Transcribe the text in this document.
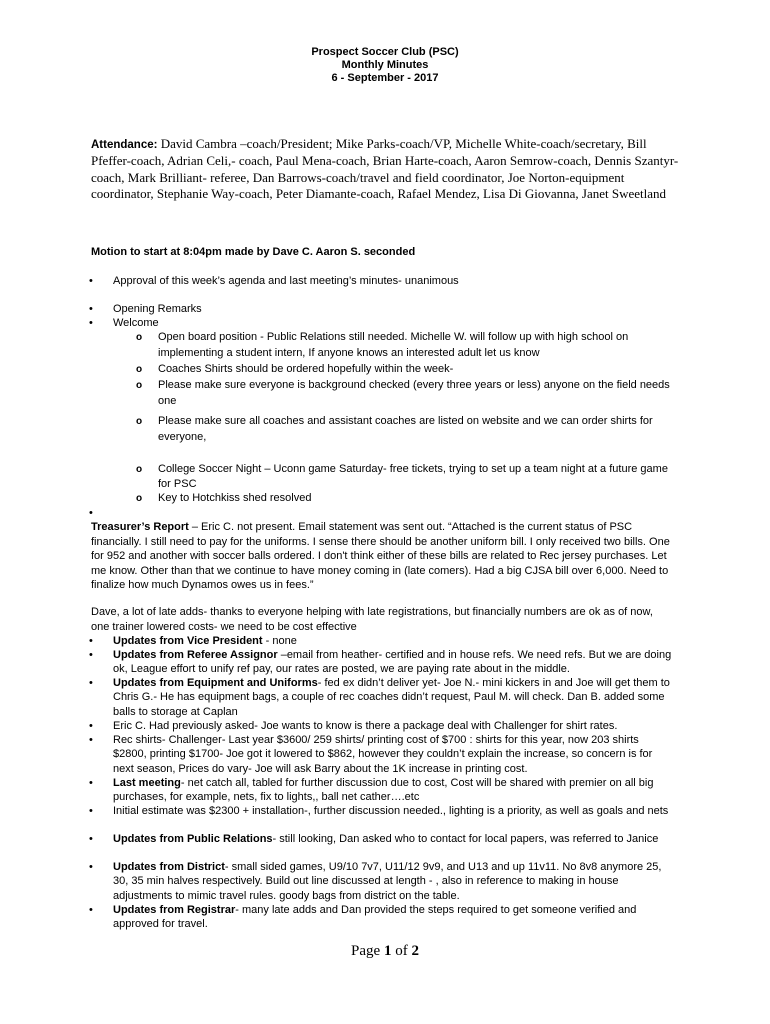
Prospect Soccer Club (PSC)
Monthly Minutes
6 - September - 2017
Attendance: David Cambra –coach/President; Mike Parks-coach/VP, Michelle White-coach/secretary, Bill Pfeffer-coach, Adrian Celi,- coach, Paul Mena-coach, Brian Harte-coach, Aaron Semrow-coach, Dennis Szantyr- coach, Mark Brilliant- referee, Dan Barrows-coach/travel and field coordinator, Joe Norton-equipment coordinator, Stephanie Way-coach, Peter Diamante-coach, Rafael Mendez, Lisa Di Giovanna, Janet Sweetland
Motion to start at 8:04pm made by Dave C. Aaron S. seconded
• Approval of this week’s agenda and last meeting’s minutes- unanimous
• Opening Remarks
• Welcome
o Open board position - Public Relations still needed. Michelle W. will follow up with high school on implementing a student intern, If anyone knows an interested adult let us know
o Coaches Shirts should be ordered hopefully within the week-
o Please make sure everyone is background checked (every three years or less) anyone on the field needs one
o Please make sure all coaches and assistant coaches are listed on website and we can order shirts for everyone,
o College Soccer Night – Uconn game Saturday- free tickets, trying to set up a team night at a future game for PSC
o Key to Hotchkiss shed resolved
•
Treasurer’s Report – Eric C. not present. Email statement was sent out. “Attached is the current status of PSC financially. I still need to pay for the uniforms. I sense there should be another uniform bill. I only received two bills. One for 952 and another with soccer balls ordered. I don't think either of these bills are related to Rec jersey purchases. Let me know. Other than that we continue to have money coming in (late comers). Had a big CJSA bill over 6,000. Need to finalize how much Dynamos owes us in fees.”
Dave, a lot of late adds- thanks to everyone helping with late registrations, but financially numbers are ok as of now, one trainer lowered costs- we need to be cost effective
• Updates from Vice President - none
• Updates from Referee Assignor –email from heather- certified and in house refs. We need refs. But we are doing ok, League effort to unify ref pay, our rates are posted, we are paying rate about in the middle.
• Updates from Equipment and Uniforms- fed ex didn’t deliver yet- Joe N.- mini kickers in and Joe will get them to Chris G.- He has equipment bags, a couple of rec coaches didn’t request, Paul M. will check. Dan B. added some balls to storage at Caplan
• Eric C. Had previously asked- Joe wants to know is there a package deal with Challenger for shirt rates.
• Rec shirts- Challenger- Last year $3600/ 259 shirts/ printing cost of $700 : shirts for this year, now 203 shirts $2800, printing $1700- Joe got it lowered to $862, however they couldn’t explain the increase, so concern is for next season, Prices do vary- Joe will ask Barry about the 1K increase in printing cost.
• Last meeting- net catch all, tabled for further discussion due to cost, Cost will be shared with premier on all big purchases, for example, nets, fix to lights,, ball net cather….etc
• Initial estimate was $2300 + installation-, further discussion needed., lighting is a priority, as well as goals and nets
• Updates from Public Relations- still looking, Dan asked who to contact for local papers, was referred to Janice
• Updates from District- small sided games, U9/10 7v7, U11/12 9v9, and U13 and up 11v11. No 8v8 anymore 25, 30, 35 min halves respectively. Build out line discussed at length - , also in reference to making in house adjustments to mimic travel rules. goody bags from district on the table.
• Updates from Registrar- many late adds and Dan provided the steps required to get someone verified and approved for travel.
Page 1 of 2
